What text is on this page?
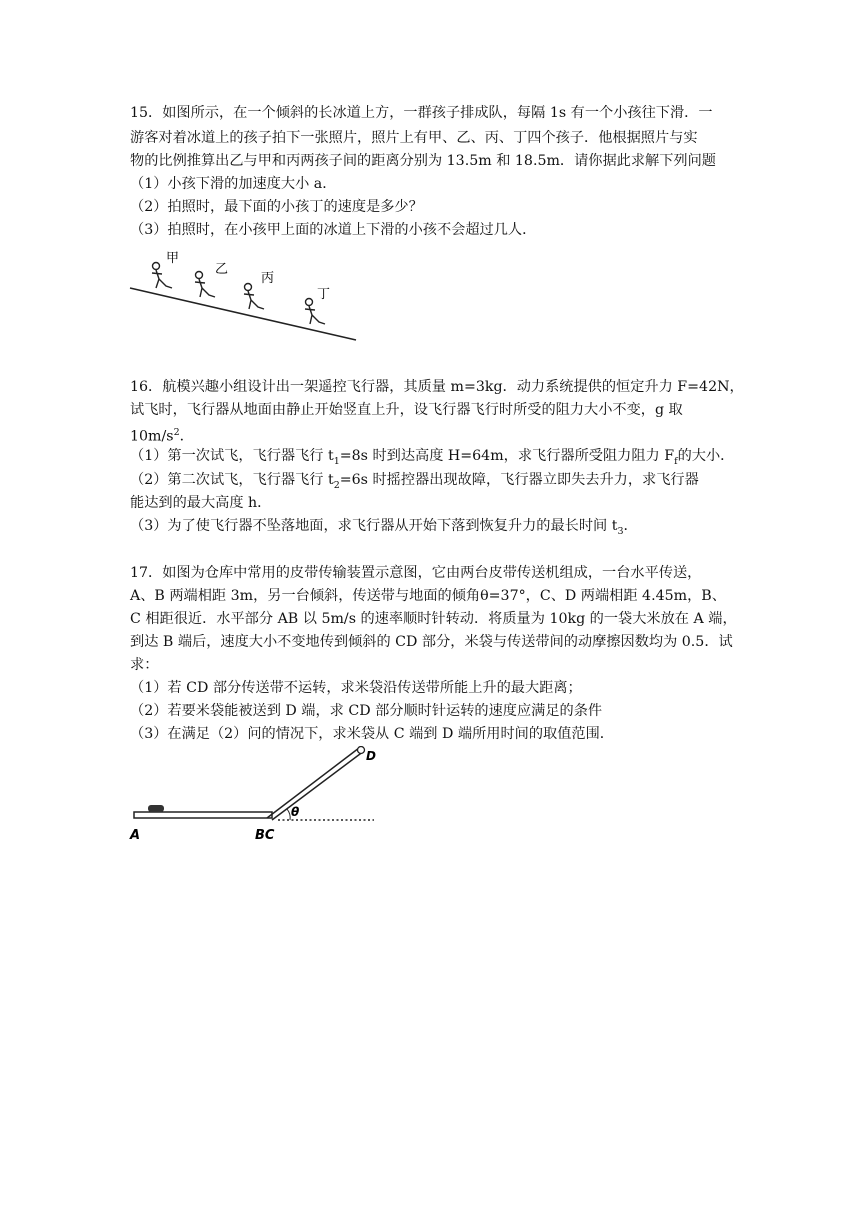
15．如图所示，在一个倾斜的长冰道上方，一群孩子排成队，每隔 1s 有一个小孩往下滑．一
游客对着冰道上的孩子拍下一张照片，照片上有甲、乙、丙、丁四个孩子．他根据照片与实
物的比例推算出乙与甲和丙两孩子间的距离分别为 13.5m 和 18.5m．请你据此求解下列问题
（1）小孩下滑的加速度大小 a．
（2）拍照时，最下面的小孩丁的速度是多少？
（3）拍照时，在小孩甲上面的冰道上下滑的小孩不会超过几人．
甲
乙
丙
丁
16．航模兴趣小组设计出一架遥控飞行器，其质量 m=3kg．动力系统提供的恒定升力 F=42N，
试飞时，飞行器从地面由静止开始竖直上升，设飞行器飞行时所受的阻力大小不变，g 取
$10m/s^2$．
（1）第一次试飞，飞行器飞行 $t_1=8s$ 时到达高度 H=64m，求飞行器所受阻力阻力 $F_f$的大小．
（2）第二次试飞，飞行器飞行 $t_2=6s$ 时摇控器出现故障，飞行器立即失去升力，求飞行器
能达到的最大高度 h．
（3）为了使飞行器不坠落地面，求飞行器从开始下落到恢复升力的最长时间 $t_3$．
17．如图为仓库中常用的皮带传输装置示意图，它由两台皮带传送机组成，一台水平传送，
A、B 两端相距 3m，另一台倾斜，传送带与地面的倾角θ=37°，C、D 两端相距 4.45m，B、
C 相距很近．水平部分 AB 以 5m/s 的速率顺时针转动．将质量为 10kg 的一袋大米放在 A 端，
到达 B 端后，速度大小不变地传到倾斜的 CD 部分，米袋与传送带间的动摩擦因数均为 0.5．试
求：
（1）若 CD 部分传送带不运转，求米袋沿传送带所能上升的最大距离；
（2）若要米袋能被送到 D 端，求 CD 部分顺时针运转的速度应满足的条件
（3）在满足（2）问的情况下，求米袋从 C 端到 D 端所用时间的取值范围．
θ
A	BC
D
